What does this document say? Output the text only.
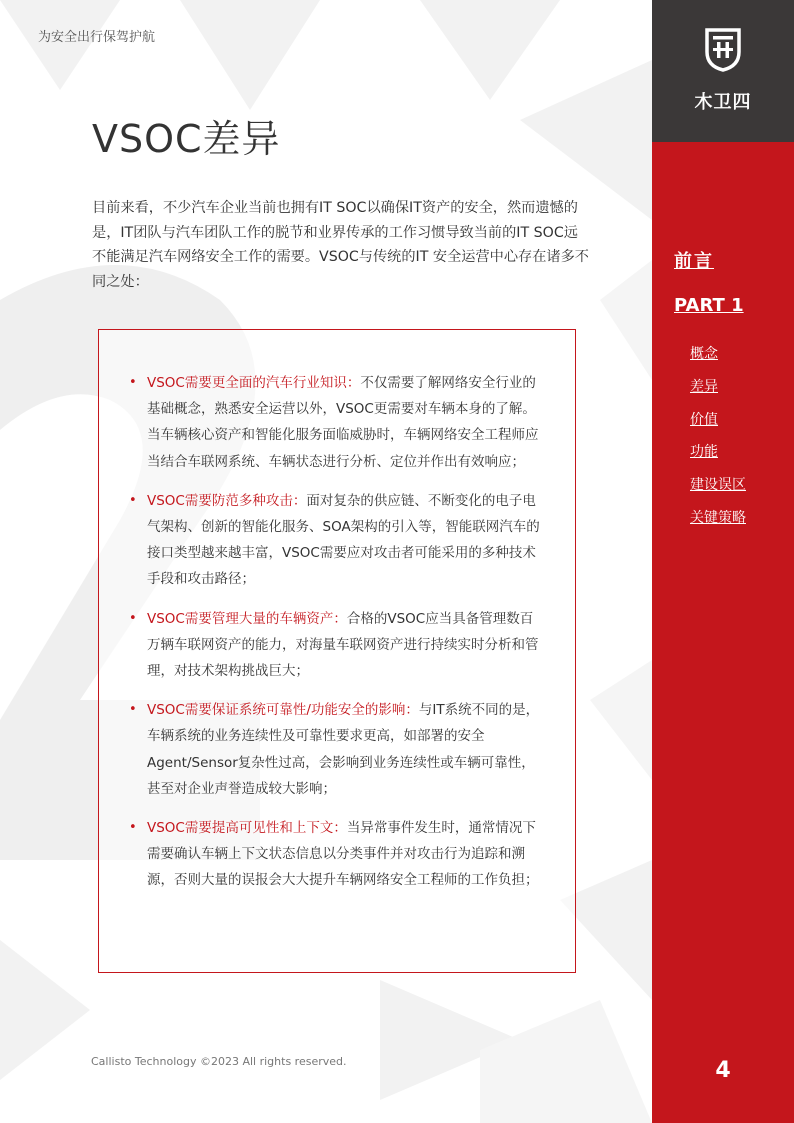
为安全出行保驾护航
VSOC差异

目前来看，不少汽车企业当前也拥有IT SOC以确保IT资产的安全，然而遗憾的是，IT团队与汽车团队工作的脱节和业界传承的工作习惯导致当前的IT SOC远不能满足汽车网络安全工作的需要。VSOC与传统的IT 安全运营中心存在诸多不同之处：

• VSOC需要更全面的汽车行业知识：不仅需要了解网络安全行业的基础概念，熟悉安全运营以外，VSOC更需要对车辆本身的了解。当车辆核心资产和智能化服务面临威胁时，车辆网络安全工程师应当结合车联网系统、车辆状态进行分析、定位并作出有效响应；
• VSOC需要防范多种攻击：面对复杂的供应链、不断变化的电子电气架构、创新的智能化服务、SOA架构的引入等，智能联网汽车的接口类型越来越丰富，VSOC需要应对攻击者可能采用的多种技术手段和攻击路径；
• VSOC需要管理大量的车辆资产：合格的VSOC应当具备管理数百万辆车联网资产的能力，对海量车联网资产进行持续实时分析和管理，对技术架构挑战巨大；
• VSOC需要保证系统可靠性/功能安全的影响：与IT系统不同的是，车辆系统的业务连续性及可靠性要求更高，如部署的安全Agent/Sensor复杂性过高，会影响到业务连续性或车辆可靠性，甚至对企业声誉造成较大影响；
• VSOC需要提高可见性和上下文：当异常事件发生时，通常情况下需要确认车辆上下文状态信息以分类事件并对攻击行为追踪和溯源，否则大量的误报会大大提升车辆网络安全工程师的工作负担；
Callisto Technology ©2023 All rights reserved.
木卫四
前言
PART 1
概念
差异
价值
功能
建设误区
关键策略
4
